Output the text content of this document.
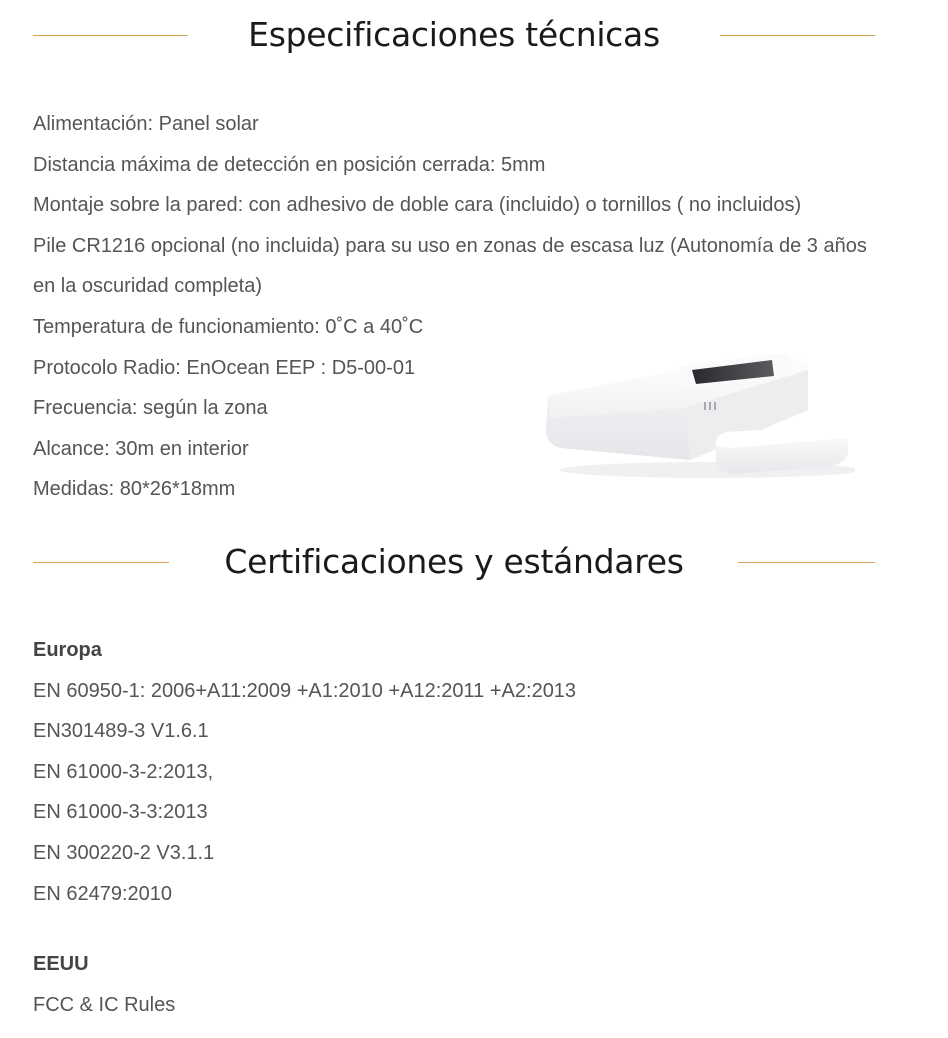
Especificaciones técnicas
Alimentación: Panel solar
Distancia máxima de detección en posición cerrada: 5mm
Montaje sobre la pared: con adhesivo de doble cara (incluido) o tornillos ( no incluidos)
Pile CR1216 opcional (no incluida) para su uso en zonas de escasa luz (Autonomía de 3 años en la oscuridad completa)
Temperatura de funcionamiento: 0˚C a 40˚C
Protocolo Radio: EnOcean EEP : D5-00-01
Frecuencia: según la zona
Alcance: 30m en interior
Medidas: 80*26*18mm
Certificaciones y estándares
Europa
EN 60950-1: 2006+A11:2009 +A1:2010 +A12:2011 +A2:2013
EN301489-3 V1.6.1
EN 61000-3-2:2013,
EN 61000-3-3:2013
EN 300220-2 V3.1.1
EN 62479:2010
EEUU
FCC & IC Rules
